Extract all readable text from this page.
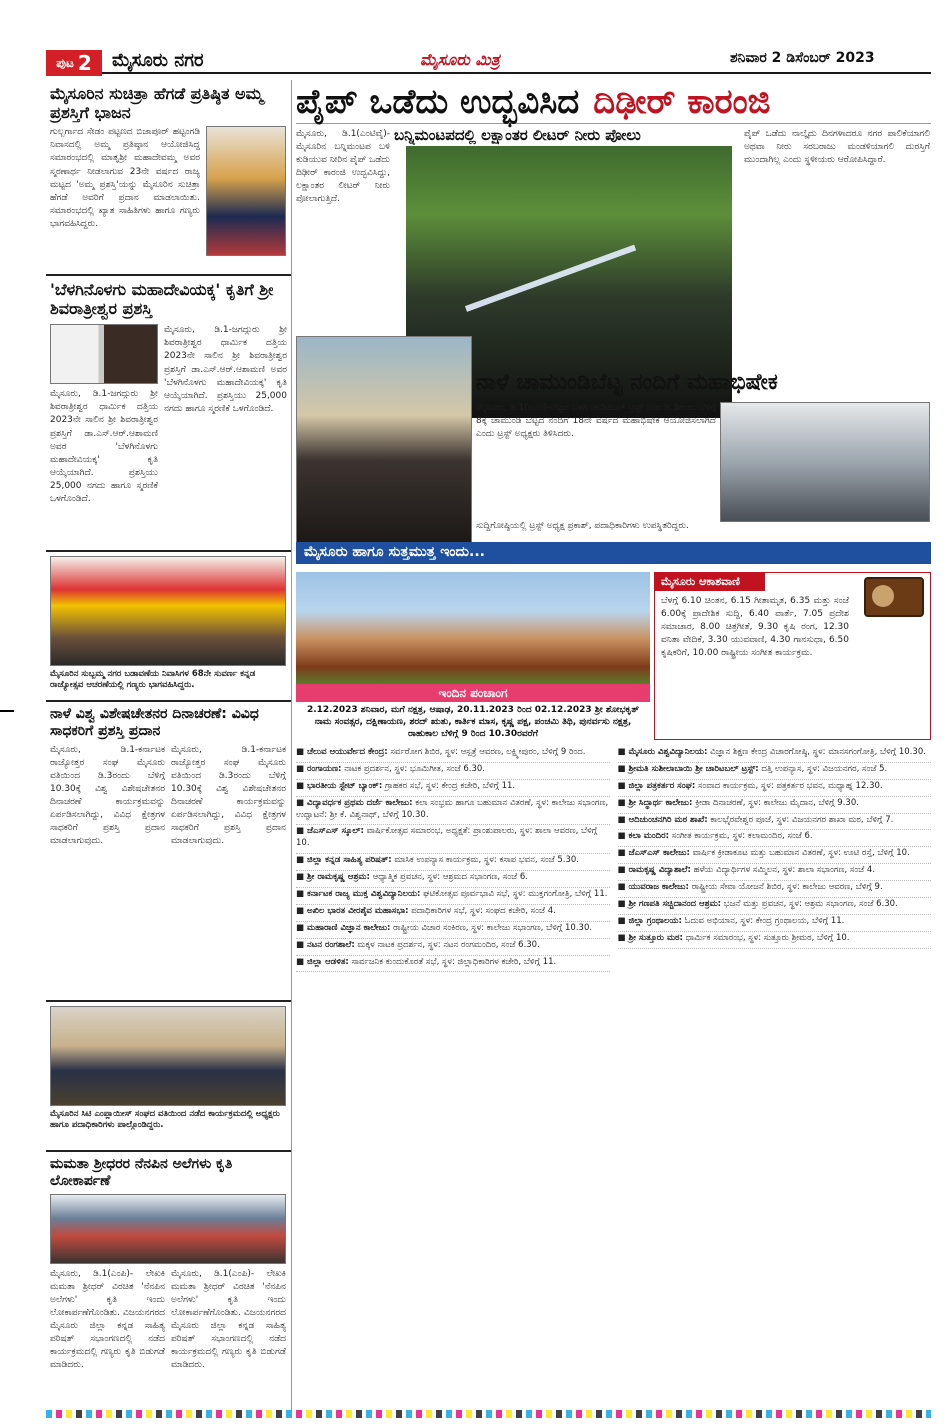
ಪುಟ 2 ಮೈಸೂರು ನಗರ	ಮೈಸೂರು ಮಿತ್ರ	ಶನಿವಾರ 2 ಡಿಸೆಂಬರ್ 2023
ಮೈಸೂರಿನ ಸುಚಿತ್ರಾ ಹೆಗಡೆ ಪ್ರತಿಷ್ಠಿತ ಅಮ್ಮ ಪ್ರಶಸ್ತಿಗೆ ಭಾಜನ
ಗುಲ್ಬರ್ಗಾದ ಸೇಡಂ ಪಟ್ಟಣದ ಬಿಜಾಪೂರ್ ಹಟ್ಟಂಗಡಿ ನಿವಾಸದಲ್ಲಿ ಅಮ್ಮ ಪ್ರತಿಷ್ಠಾನ ಆಯೋಜಿಸಿದ್ದ ಸಮಾರಂಭದಲ್ಲಿ ಮಾತೃಶ್ರೀ ಮಹಾದೇವಮ್ಮ ಅವರ ಸ್ಮರಣಾರ್ಥ ನೀಡಲಾಗುವ 23ನೇ ವರ್ಷದ ರಾಜ್ಯ ಮಟ್ಟದ 'ಅಮ್ಮ ಪ್ರಶಸ್ತಿ'ಯನ್ನು ಮೈಸೂರಿನ ಸುಚಿತ್ರಾ ಹೆಗಡೆ ಅವರಿಗೆ ಪ್ರದಾನ ಮಾಡಲಾಯಿತು. ಸಮಾರಂಭದಲ್ಲಿ ಖ್ಯಾತ ಸಾಹಿತಿಗಳು ಹಾಗೂ ಗಣ್ಯರು ಭಾಗವಹಿಸಿದ್ದರು.
'ಬೆಳಗಿನೊಳಗು ಮಹಾದೇವಿಯಕ್ಕ' ಕೃತಿಗೆ ಶ್ರೀ ಶಿವರಾತ್ರೀಶ್ವರ ಪ್ರಶಸ್ತಿ
ಮೈಸೂರು, ಡಿ.1-ಜಗದ್ಗುರು ಶ್ರೀ ಶಿವರಾತ್ರೀಶ್ವರ ಧಾರ್ಮಿಕ ದತ್ತಿಯ 2023ನೇ ಸಾಲಿನ ಶ್ರೀ ಶಿವರಾತ್ರೀಶ್ವರ ಪ್ರಶಸ್ತಿಗೆ ಡಾ.ಎಸ್.ಆರ್.ಆಶಾಮಣಿ ಅವರ 'ಬೆಳಗಿನೊಳಗು ಮಹಾದೇವಿಯಕ್ಕ' ಕೃತಿ ಆಯ್ಕೆಯಾಗಿದೆ. ಪ್ರಶಸ್ತಿಯು 25,000 ನಗದು ಹಾಗೂ ಸ್ಮರಣಿಕೆ ಒಳಗೊಂಡಿದೆ.
ಮೈಸೂರು, ಡಿ.1-ಜಗದ್ಗುರು ಶ್ರೀ ಶಿವರಾತ್ರೀಶ್ವರ ಧಾರ್ಮಿಕ ದತ್ತಿಯ 2023ನೇ ಸಾಲಿನ ಶ್ರೀ ಶಿವರಾತ್ರೀಶ್ವರ ಪ್ರಶಸ್ತಿಗೆ ಡಾ.ಎಸ್.ಆರ್.ಆಶಾಮಣಿ ಅವರ 'ಬೆಳಗಿನೊಳಗು ಮಹಾದೇವಿಯಕ್ಕ' ಕೃತಿ ಆಯ್ಕೆಯಾಗಿದೆ. ಪ್ರಶಸ್ತಿಯು 25,000 ನಗದು ಹಾಗೂ ಸ್ಮರಣಿಕೆ ಒಳಗೊಂಡಿದೆ.
ಮೈಸೂರಿನ ಸುಬ್ಬಮ್ಮ ನಗರ ಬಡಾವಣೆಯ ನಿವಾಸಿಗಳ 68ನೇ ಸುವರ್ಣ ಕನ್ನಡ ರಾಜ್ಯೋತ್ಸವ ಆಚರಣೆಯಲ್ಲಿ ಗಣ್ಯರು ಭಾಗವಹಿಸಿದ್ದರು.
ನಾಳೆ ವಿಶ್ವ ವಿಶೇಷಚೇತನರ ದಿನಾಚರಣೆ: ವಿವಿಧ ಸಾಧಕರಿಗೆ ಪ್ರಶಸ್ತಿ ಪ್ರದಾನ
ಮೈಸೂರು, ಡಿ.1-ಕರ್ನಾಟಕ ರಾಜ್ಯೋತ್ತರ ಸಂಘ ಮೈಸೂರು ವತಿಯಿಂದ ಡಿ.3ರಂದು ಬೆಳಿಗ್ಗೆ 10.30ಕ್ಕೆ ವಿಶ್ವ ವಿಶೇಷಚೇತನರ ದಿನಾಚರಣೆ ಕಾರ್ಯಕ್ರಮವನ್ನು ಏರ್ಪಡಿಸಲಾಗಿದ್ದು, ವಿವಿಧ ಕ್ಷೇತ್ರಗಳ ಸಾಧಕರಿಗೆ ಪ್ರಶಸ್ತಿ ಪ್ರದಾನ ಮಾಡಲಾಗುವುದು.
ಮೈಸೂರು, ಡಿ.1-ಕರ್ನಾಟಕ ರಾಜ್ಯೋತ್ತರ ಸಂಘ ಮೈಸೂರು ವತಿಯಿಂದ ಡಿ.3ರಂದು ಬೆಳಿಗ್ಗೆ 10.30ಕ್ಕೆ ವಿಶ್ವ ವಿಶೇಷಚೇತನರ ದಿನಾಚರಣೆ ಕಾರ್ಯಕ್ರಮವನ್ನು ಏರ್ಪಡಿಸಲಾಗಿದ್ದು, ವಿವಿಧ ಕ್ಷೇತ್ರಗಳ ಸಾಧಕರಿಗೆ ಪ್ರಶಸ್ತಿ ಪ್ರದಾನ ಮಾಡಲಾಗುವುದು.
ಮೈಸೂರಿನ ಸಿಟಿ ಎಂಪ್ಲಾಯೀಸ್ ಸಂಘದ ವತಿಯಿಂದ ನಡೆದ ಕಾರ್ಯಕ್ರಮದಲ್ಲಿ ಅಧ್ಯಕ್ಷರು ಹಾಗೂ ಪದಾಧಿಕಾರಿಗಳು ಪಾಲ್ಗೊಂಡಿದ್ದರು.
ಮಮತಾ ಶ್ರೀಧರರ ನೆನಪಿನ ಅಲೆಗಳು ಕೃತಿ ಲೋಕಾರ್ಪಣೆ
ಮೈಸೂರು, ಡಿ.1(ಎಂಪಿ)- ಲೇಖಕಿ ಮಮತಾ ಶ್ರೀಧರ್ ವಿರಚಿತ 'ನೆನಪಿನ ಅಲೆಗಳು' ಕೃತಿ ಇಂದು ಲೋಕಾರ್ಪಣೆಗೊಂಡಿತು. ವಿಜಯನಗರದ ಮೈಸೂರು ಜಿಲ್ಲಾ ಕನ್ನಡ ಸಾಹಿತ್ಯ ಪರಿಷತ್ ಸಭಾಂಗಣದಲ್ಲಿ ನಡೆದ ಕಾರ್ಯಕ್ರಮದಲ್ಲಿ ಗಣ್ಯರು ಕೃತಿ ಬಿಡುಗಡೆ ಮಾಡಿದರು.
ಮೈಸೂರು, ಡಿ.1(ಎಂಪಿ)- ಲೇಖಕಿ ಮಮತಾ ಶ್ರೀಧರ್ ವಿರಚಿತ 'ನೆನಪಿನ ಅಲೆಗಳು' ಕೃತಿ ಇಂದು ಲೋಕಾರ್ಪಣೆಗೊಂಡಿತು. ವಿಜಯನಗರದ ಮೈಸೂರು ಜಿಲ್ಲಾ ಕನ್ನಡ ಸಾಹಿತ್ಯ ಪರಿಷತ್ ಸಭಾಂಗಣದಲ್ಲಿ ನಡೆದ ಕಾರ್ಯಕ್ರಮದಲ್ಲಿ ಗಣ್ಯರು ಕೃತಿ ಬಿಡುಗಡೆ ಮಾಡಿದರು.
ಪೈಪ್ ಒಡೆದು ಉದ್ಭವಿಸಿದ ದಿಢೀರ್ ಕಾರಂಜಿ
ಮೈಸೂರು, ಡಿ.1(ಎಂಟಿವೈ)- ಮೈಸೂರಿನ ಬನ್ನಿಮಂಟಪ ಬಳಿ ಕುಡಿಯುವ ನೀರಿನ ಪೈಪ್ ಒಡೆದು ದಿಢೀರ್ ಕಾರಂಜಿ ಉದ್ಭವಿಸಿದ್ದು, ಲಕ್ಷಾಂತರ ಲೀಟರ್ ನೀರು ಪೋಲಾಗುತ್ತಿದೆ.
ಬನ್ನಿಮಂಟಪದಲ್ಲಿ ಲಕ್ಷಾಂತರ ಲೀಟರ್ ನೀರು ಪೋಲು	ಪೈಪ್ ಒಡೆದು ನಾಲ್ಕೈದು ದಿನಗಳಾದರೂ ನಗರ ಪಾಲಿಕೆಯಾಗಲಿ ಅಥವಾ ನೀರು ಸರಬರಾಜು ಮಂಡಳಿಯಾಗಲಿ ದುರಸ್ತಿಗೆ ಮುಂದಾಗಿಲ್ಲ ಎಂದು ಸ್ಥಳೀಯರು ಆರೋಪಿಸಿದ್ದಾರೆ.
ನಾಳೆ ಚಾಮುಂಡಿಬೆಟ್ಟ ನಂದಿಗೆ ಮಹಾಭಿಷೇಕ
ಮೈಸೂರು, ಡಿ.1(ಪಿಎಂ)-ಬೆಟ್ಟದ ಬಳಗ ಚಾರಿಟಬಲ್ ಟ್ರಸ್ಟ್ ನಿಂದ ಡಿ.3ರಂದು ಬೆಳಿಗ್ಗೆ 8ಕ್ಕೆ ಚಾಮುಂಡಿ ಬೆಟ್ಟದ ನಂದಿಗೆ 18ನೇ ವರ್ಷದ ಮಹಾಭಿಷೇಕ ಆಯೋಜಿಸಲಾಗಿದೆ ಎಂದು ಟ್ರಸ್ಟ್ ಅಧ್ಯಕ್ಷರು ತಿಳಿಸಿದರು.
ಸುದ್ದಿಗೋಷ್ಠಿಯಲ್ಲಿ ಟ್ರಸ್ಟ್ ಅಧ್ಯಕ್ಷ ಪ್ರಕಾಶ್, ಪದಾಧಿಕಾರಿಗಳು ಉಪಸ್ಥಿತರಿದ್ದರು.
ಮೈಸೂರು ಹಾಗೂ ಸುತ್ತಮುತ್ತ ಇಂದು...
ಇಂದಿನ ಪಂಚಾಂಗ
2.12.2023 ಶನಿವಾರ, ಮಗೆ ನಕ್ಷತ್ರ, ಆಷಾಢ, 20.11.2023 ರಿಂದ 02.12.2023 ಶ್ರೀ ಶೋಭಕೃತ್ ನಾಮ ಸಂವತ್ಸರ, ದಕ್ಷಿಣಾಯಣ, ಶರದ್ ಋತು, ಕಾರ್ತಿಕ ಮಾಸ, ಕೃಷ್ಣ ಪಕ್ಷ, ಪಂಚಮಿ ತಿಥಿ, ಪುನರ್ವಸು ನಕ್ಷತ್ರ, ರಾಹುಕಾಲ ಬೆಳಿಗ್ಗೆ 9 ರಿಂದ 10.30ರವರೆಗೆ
ಮೈಸೂರು ಆಕಾಶವಾಣಿ
ಬೆಳಗ್ಗೆ 6.10 ಚಿಂತನ, 6.15 ಗೀತಾಮೃತ, 6.35 ಮತ್ತು ಸಂಜೆ 6.00ಕ್ಕೆ ಪ್ರಾದೇಶಿಕ ಸುದ್ದಿ, 6.40 ವಾರ್ತೆ, 7.05 ಪ್ರದೇಶ ಸಮಾಚಾರ, 8.00 ಚಿತ್ರಗೀತೆ, 9.30 ಕೃಷಿ ರಂಗ, 12.30 ವನಿತಾ ವೇದಿಕೆ, 3.30 ಯುವವಾಣಿ, 4.30 ಗಾನಸುಧಾ, 6.50 ಕೃಷಿಕರಿಗೆ, 10.00 ರಾಷ್ಟ್ರೀಯ ಸಂಗೀತ ಕಾರ್ಯಕ್ರಮ.
■ ಚೆಲುವ ಆಯುರ್ವೇದ ಕೇಂದ್ರ: ಸರ್ವರೋಗ ಶಿಬಿರ, ಸ್ಥಳ: ಆಸ್ಪತ್ರೆ ಆವರಣ, ಲಕ್ಷ್ಮೀಪುರಂ, ಬೆಳಿಗ್ಗೆ 9 ರಿಂದ.
■ ರಂಗಾಯಣ: ನಾಟಕ ಪ್ರದರ್ಶನ, ಸ್ಥಳ: ಭೂಮಿಗೀತ, ಸಂಜೆ 6.30.
■ ಭಾರತೀಯ ಸ್ಟೇಟ್ ಬ್ಯಾಂಕ್: ಗ್ರಾಹಕರ ಸಭೆ, ಸ್ಥಳ: ಕೇಂದ್ರ ಕಚೇರಿ, ಬೆಳಿಗ್ಗೆ 11.
■ ವಿದ್ಯಾವರ್ಧಕ ಪ್ರಥಮ ದರ್ಜೆ ಕಾಲೇಜು: ಕಲಾ ಸಂಭ್ರಮ ಹಾಗೂ ಬಹುಮಾನ ವಿತರಣೆ, ಸ್ಥಳ: ಕಾಲೇಜು ಸಭಾಂಗಣ, ಉದ್ಘಾಟನೆ: ಶ್ರೀ ಕೆ. ವಿಶ್ವನಾಥ್, ಬೆಳಿಗ್ಗೆ 10.30.
■ ಜೆಎಸ್‌ಎಸ್ ಸ್ಕೂಲ್: ವಾರ್ಷಿಕೋತ್ಸವ ಸಮಾರಂಭ, ಅಧ್ಯಕ್ಷತೆ: ಪ್ರಾಂಶುಪಾಲರು, ಸ್ಥಳ: ಶಾಲಾ ಆವರಣ, ಬೆಳಿಗ್ಗೆ 10.
■ ಜಿಲ್ಲಾ ಕನ್ನಡ ಸಾಹಿತ್ಯ ಪರಿಷತ್: ಮಾಸಿಕ ಉಪನ್ಯಾಸ ಕಾರ್ಯಕ್ರಮ, ಸ್ಥಳ: ಕಸಾಪ ಭವನ, ಸಂಜೆ 5.30.
■ ಶ್ರೀ ರಾಮಕೃಷ್ಣ ಆಶ್ರಮ: ಆಧ್ಯಾತ್ಮಿಕ ಪ್ರವಚನ, ಸ್ಥಳ: ಆಶ್ರಮದ ಸಭಾಂಗಣ, ಸಂಜೆ 6.
■ ಕರ್ನಾಟಕ ರಾಜ್ಯ ಮುಕ್ತ ವಿಶ್ವವಿದ್ಯಾನಿಲಯ: ಘಟಿಕೋತ್ಸವ ಪೂರ್ವಭಾವಿ ಸಭೆ, ಸ್ಥಳ: ಮುಕ್ತಗಂಗೋತ್ರಿ, ಬೆಳಿಗ್ಗೆ 11.
■ ಅಖಿಲ ಭಾರತ ವೀರಶೈವ ಮಹಾಸಭಾ: ಪದಾಧಿಕಾರಿಗಳ ಸಭೆ, ಸ್ಥಳ: ಸಂಘದ ಕಚೇರಿ, ಸಂಜೆ 4.
■ ಮಹಾರಾಣಿ ವಿಜ್ಞಾನ ಕಾಲೇಜು: ರಾಷ್ಟ್ರೀಯ ವಿಚಾರ ಸಂಕಿರಣ, ಸ್ಥಳ: ಕಾಲೇಜು ಸಭಾಂಗಣ, ಬೆಳಿಗ್ಗೆ 10.30.
■ ನಟನ ರಂಗಶಾಲೆ: ಮಕ್ಕಳ ನಾಟಕ ಪ್ರದರ್ಶನ, ಸ್ಥಳ: ನಟನ ರಂಗಮಂದಿರ, ಸಂಜೆ 6.30.
■ ಜಿಲ್ಲಾ ಆಡಳಿತ: ಸಾರ್ವಜನಿಕ ಕುಂದುಕೊರತೆ ಸಭೆ, ಸ್ಥಳ: ಜಿಲ್ಲಾಧಿಕಾರಿಗಳ ಕಚೇರಿ, ಬೆಳಿಗ್ಗೆ 11.
■ ಮೈಸೂರು ವಿಶ್ವವಿದ್ಯಾನಿಲಯ: ವಿಜ್ಞಾನ ಶಿಕ್ಷಣ ಕೇಂದ್ರ ವಿಚಾರಗೋಷ್ಠಿ, ಸ್ಥಳ: ಮಾನಸಗಂಗೋತ್ರಿ, ಬೆಳಿಗ್ಗೆ 10.30.
■ ಶ್ರೀಮತಿ ಸುಶೀಲಾಬಾಯಿ ಶ್ರೀ ಚಾರಿಟಬಲ್ ಟ್ರಸ್ಟ್: ದತ್ತಿ ಉಪನ್ಯಾಸ, ಸ್ಥಳ: ವಿಜಯನಗರ, ಸಂಜೆ 5.
■ ಜಿಲ್ಲಾ ಪತ್ರಕರ್ತರ ಸಂಘ: ಸಂವಾದ ಕಾರ್ಯಕ್ರಮ, ಸ್ಥಳ: ಪತ್ರಕರ್ತರ ಭವನ, ಮಧ್ಯಾಹ್ನ 12.30.
■ ಶ್ರೀ ಸಿದ್ಧಾರ್ಥ ಕಾಲೇಜು: ಕ್ರೀಡಾ ದಿನಾಚರಣೆ, ಸ್ಥಳ: ಕಾಲೇಜು ಮೈದಾನ, ಬೆಳಿಗ್ಗೆ 9.30.
■ ಆದಿಚುಂಚನಗಿರಿ ಮಠ ಶಾಖೆ: ಕಾಲಭೈರವೇಶ್ವರ ಪೂಜೆ, ಸ್ಥಳ: ವಿಜಯನಗರ ಶಾಖಾ ಮಠ, ಬೆಳಿಗ್ಗೆ 7.
■ ಕಲಾ ಮಂದಿರ: ಸಂಗೀತ ಕಾರ್ಯಕ್ರಮ, ಸ್ಥಳ: ಕಲಾಮಂದಿರ, ಸಂಜೆ 6.
■ ಜೆಎಸ್‌ಎಸ್ ಕಾಲೇಜು: ವಾರ್ಷಿಕ ಕ್ರೀಡಾಕೂಟ ಮತ್ತು ಬಹುಮಾನ ವಿತರಣೆ, ಸ್ಥಳ: ಊಟಿ ರಸ್ತೆ, ಬೆಳಿಗ್ಗೆ 10.
■ ರಾಮಕೃಷ್ಣ ವಿದ್ಯಾಶಾಲೆ: ಹಳೆಯ ವಿದ್ಯಾರ್ಥಿಗಳ ಸಮ್ಮಿಲನ, ಸ್ಥಳ: ಶಾಲಾ ಸಭಾಂಗಣ, ಸಂಜೆ 4.
■ ಯುವರಾಜ ಕಾಲೇಜು: ರಾಷ್ಟ್ರೀಯ ಸೇವಾ ಯೋಜನೆ ಶಿಬಿರ, ಸ್ಥಳ: ಕಾಲೇಜು ಆವರಣ, ಬೆಳಿಗ್ಗೆ 9.
■ ಶ್ರೀ ಗಣಪತಿ ಸಚ್ಚಿದಾನಂದ ಆಶ್ರಮ: ಭಜನೆ ಮತ್ತು ಪ್ರವಚನ, ಸ್ಥಳ: ಆಶ್ರಮ ಸಭಾಂಗಣ, ಸಂಜೆ 6.30.
■ ಜಿಲ್ಲಾ ಗ್ರಂಥಾಲಯ: ಓದುವ ಅಭಿಯಾನ, ಸ್ಥಳ: ಕೇಂದ್ರ ಗ್ರಂಥಾಲಯ, ಬೆಳಿಗ್ಗೆ 11.
■ ಶ್ರೀ ಸುತ್ತೂರು ಮಠ: ಧಾರ್ಮಿಕ ಸಮಾರಂಭ, ಸ್ಥಳ: ಸುತ್ತೂರು ಶ್ರೀಮಠ, ಬೆಳಿಗ್ಗೆ 10.
